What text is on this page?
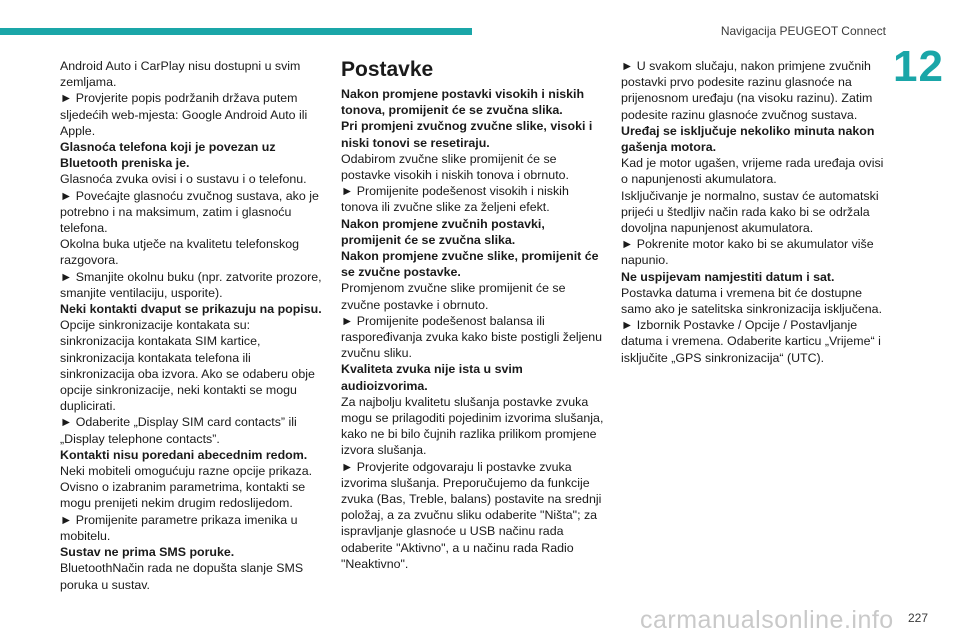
Navigacija PEUGEOT Connect
12

Android Auto i CarPlay nisu dostupni u svim zemljama.

► Provjerite popis podržanih država putem sljedećih web-mjesta: Google Android Auto ili Apple.

Glasnoća telefona koji je povezan uz Bluetooth preniska je.

Glasnoća zvuka ovisi i o sustavu i o telefonu.

► Povećajte glasnoću zvučnog sustava, ako je potrebno i na maksimum, zatim i glasnoću telefona.

Okolna buka utječe na kvalitetu telefonskog razgovora.

► Smanjite okolnu buku (npr. zatvorite prozore, smanjite ventilaciju, usporite).

Neki kontakti dvaput se prikazuju na popisu.

Opcije sinkronizacije kontakata su: sinkronizacija kontakata SIM kartice, sinkronizacija kontakata telefona ili sinkronizacija oba izvora. Ako se odaberu obje opcije sinkronizacije, neki kontakti se mogu duplicirati.

► Odaberite „Display SIM card contacts” ili „Display telephone contacts”.

Kontakti nisu poredani abecednim redom.

Neki mobiteli omogućuju razne opcije prikaza. Ovisno o izabranim parametrima, kontakti se mogu prenijeti nekim drugim redoslijedom.

► Promijenite parametre prikaza imenika u mobitelu.

Sustav ne prima SMS poruke.

BluetoothNačin rada ne dopušta slanje SMS poruka u sustav.

Postavke

Nakon promjene postavki visokih i niskih tonova, promijenit će se zvučna slika.

Pri promjeni zvučnog zvučne slike, visoki i niski tonovi se resetiraju.

Odabirom zvučne slike promijenit će se postavke visokih i niskih tonova i obrnuto.

► Promijenite podešenost visokih i niskih tonova ili zvučne slike za željeni efekt.

Nakon promjene zvučnih postavki, promijenit će se zvučna slika.

Nakon promjene zvučne slike, promijenit će se zvučne postavke.

Promjenom zvučne slike promijenit će se zvučne postavke i obrnuto.

► Promijenite podešenost balansa ili raspoređivanja zvuka kako biste postigli željenu zvučnu sliku.

Kvaliteta zvuka nije ista u svim audioizvorima.

Za najbolju kvalitetu slušanja postavke zvuka mogu se prilagoditi pojedinim izvorima slušanja, kako ne bi bilo čujnih razlika prilikom promjene izvora slušanja.

► Provjerite odgovaraju li postavke zvuka izvorima slušanja. Preporučujemo da funkcije zvuka (Bas, Treble, balans) postavite na srednji položaj, a za zvučnu sliku odaberite "Ništa"; za ispravljanje glasnoće u USB načinu rada odaberite "Aktivno", a u načinu rada Radio "Neaktivno".

► U svakom slučaju, nakon primjene zvučnih postavki prvo podesite razinu glasnoće na prijenosnom uređaju (na visoku razinu). Zatim podesite razinu glasnoće zvučnog sustava.

Uređaj se isključuje nekoliko minuta nakon gašenja motora.

Kad je motor ugašen, vrijeme rada uređaja ovisi o napunjenosti akumulatora.

Isključivanje je normalno, sustav će automatski prijeći u štedljiv način rada kako bi se održala dovoljna napunjenost akumulatora.

► Pokrenite motor kako bi se akumulator više napunio.

Ne uspijevam namjestiti datum i sat.

Postavka datuma i vremena bit će dostupne samo ako je satelitska sinkronizacija isključena.

► Izbornik Postavke / Opcije / Postavljanje datuma i vremena. Odaberite karticu „Vrijeme“ i isključite „GPS sinkronizacija“ (UTC).

carmanualsonline.info 227
